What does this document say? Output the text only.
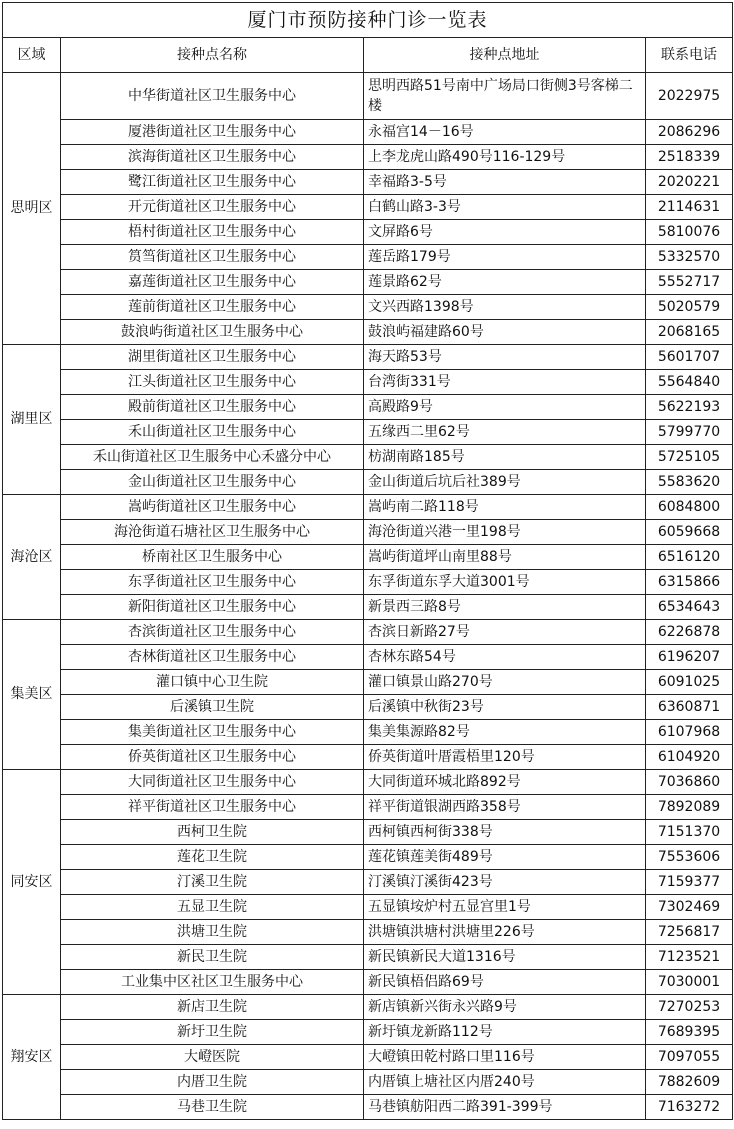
厦门市预防接种门诊一览表			
区域	接种点名称	接种点地址	联系电话
思明区	中华街道社区卫生服务中心	思明西路51号南中广场局口街侧3号客梯二楼	2022975
	厦港街道社区卫生服务中心	永福宫14－16号	2086296
	滨海街道社区卫生服务中心	上李龙虎山路490号116-129号	2518339
	鹭江街道社区卫生服务中心	幸福路3-5号	2020221
	开元街道社区卫生服务中心	白鹤山路3-3号	2114631
	梧村街道社区卫生服务中心	文屏路6号	5810076
	筼筜街道社区卫生服务中心	莲岳路179号	5332570
	嘉莲街道社区卫生服务中心	莲景路62号	5552717
	莲前街道社区卫生服务中心	文兴西路1398号	5020579
	鼓浪屿街道社区卫生服务中心	鼓浪屿福建路60号	2068165
湖里区	湖里街道社区卫生服务中心	海天路53号	5601707
	江头街道社区卫生服务中心	台湾街331号	5564840
	殿前街道社区卫生服务中心	高殿路9号	5622193
	禾山街道社区卫生服务中心	五缘西二里62号	5799770
	禾山街道社区卫生服务中心禾盛分中心	枋湖南路185号	5725105
	金山街道社区卫生服务中心	金山街道后坑后社389号	5583620
海沧区	嵩屿街道社区卫生服务中心	嵩屿南二路118号	6084800
	海沧街道石塘社区卫生服务中心	海沧街道兴港一里198号	6059668
	桥南社区卫生服务中心	嵩屿街道坪山南里88号	6516120
	东孚街道社区卫生服务中心	东孚街道东孚大道3001号	6315866
	新阳街道社区卫生服务中心	新景西三路8号	6534643
集美区	杏滨街道社区卫生服务中心	杏滨日新路27号	6226878
	杏林街道社区卫生服务中心	杏林东路54号	6196207
	灌口镇中心卫生院	灌口镇景山路270号	6091025
	后溪镇卫生院	后溪镇中秋街23号	6360871
	集美街道社区卫生服务中心	集美集源路82号	6107968
	侨英街道社区卫生服务中心	侨英街道叶厝霞梧里120号	6104920
同安区	大同街道社区卫生服务中心	大同街道环城北路892号	7036860
	祥平街道社区卫生服务中心	祥平街道银湖西路358号	7892089
	西柯卫生院	西柯镇西柯街338号	7151370
	莲花卫生院	莲花镇莲美街489号	7553606
	汀溪卫生院	汀溪镇汀溪街423号	7159377
	五显卫生院	五显镇垵炉村五显宫里1号	7302469
	洪塘卫生院	洪塘镇洪塘村洪塘里226号	7256817
	新民卫生院	新民镇新民大道1316号	7123521
	工业集中区社区卫生服务中心	新民镇梧侣路69号	7030001
翔安区	新店卫生院	新店镇新兴街永兴路9号	7270253
	新圩卫生院	新圩镇龙新路112号	7689395
	大嶝医院	大嶝镇田乾村路口里116号	7097055
	内厝卫生院	内厝镇上塘社区内厝240号	7882609
	马巷卫生院	马巷镇舫阳西二路391-399号	7163272
